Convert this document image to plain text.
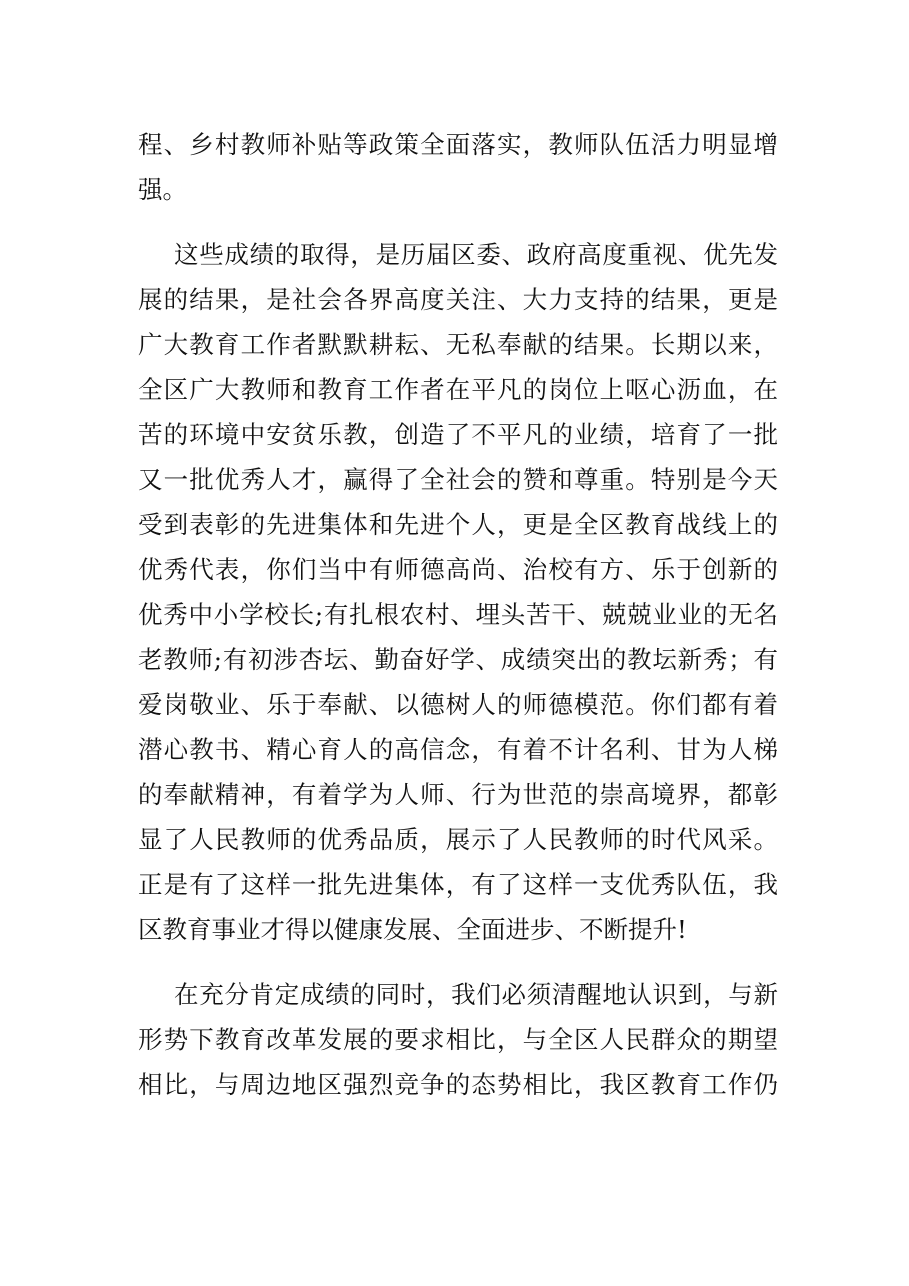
程、乡村教师补贴等政策全面落实，教师队伍活力明显增
强。
这些成绩的取得，是历届区委、政府高度重视、优先发
展的结果，是社会各界高度关注、大力支持的结果，更是
广大教育工作者默默耕耘、无私奉献的结果。长期以来，
全区广大教师和教育工作者在平凡的岗位上呕心沥血，在
苦的环境中安贫乐教，创造了不平凡的业绩，培育了一批
又一批优秀人才，赢得了全社会的赞和尊重。特别是今天
受到表彰的先进集体和先进个人，更是全区教育战线上的
优秀代表，你们当中有师德高尚、治校有方、乐于创新的
优秀中小学校长;有扎根农村、埋头苦干、兢兢业业的无名
老教师;有初涉杏坛、勤奋好学、成绩突出的教坛新秀；有
爱岗敬业、乐于奉献、以德树人的师德模范。你们都有着
潜心教书、精心育人的高信念，有着不计名利、甘为人梯
的奉献精神，有着学为人师、行为世范的崇高境界，都彰
显了人民教师的优秀品质，展示了人民教师的时代风采。
正是有了这样一批先进集体，有了这样一支优秀队伍，我
区教育事业才得以健康发展、全面进步、不断提升!
在充分肯定成绩的同时，我们必须清醒地认识到，与新
形势下教育改革发展的要求相比，与全区人民群众的期望
相比，与周边地区强烈竞争的态势相比，我区教育工作仍
